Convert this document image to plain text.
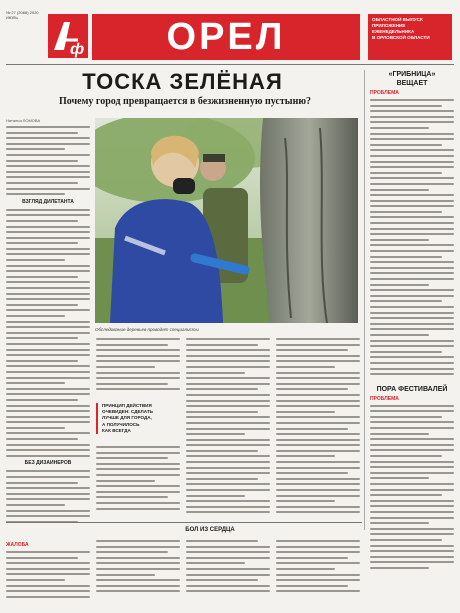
№ 27 (2068) 2020
ИЮЛЬ
ф	ОРЕЛ	ОБЛАСТНОЙ ВЫПУСК
ПРИЛОЖЕНИЕ
ЕЖЕНЕДЕЛЬНИКА
В ОРЛОВСКОЙ ОБЛАСТИ
ТОСКА ЗЕЛЁНАЯ
Почему город превращается в безжизненную пустыню?
Наталья ЛОМОВА
ВЗГЛЯД ДИЛЕТАНТА
БЕЗ ДИЗАЙНЕРОВ
Обследование деревьев проводят специалисты
ПРИНЦИП ДЕЙСТВИЯ
ОЧЕВИДЕН: СДЕЛАТЬ
ЛУЧШЕ ДЛЯ ГОРОДА,
А ПОЛУЧИЛОСЬ
КАК ВСЕГДА
«ГРИБНИЦА»
ВЕЩАЕТ
ПРОБЛЕМА
ПОРА ФЕСТИВАЛЕЙ
ПРОБЛЕМА
БОЛ ИЗ СЕРДЦА
ЖАЛОБА
